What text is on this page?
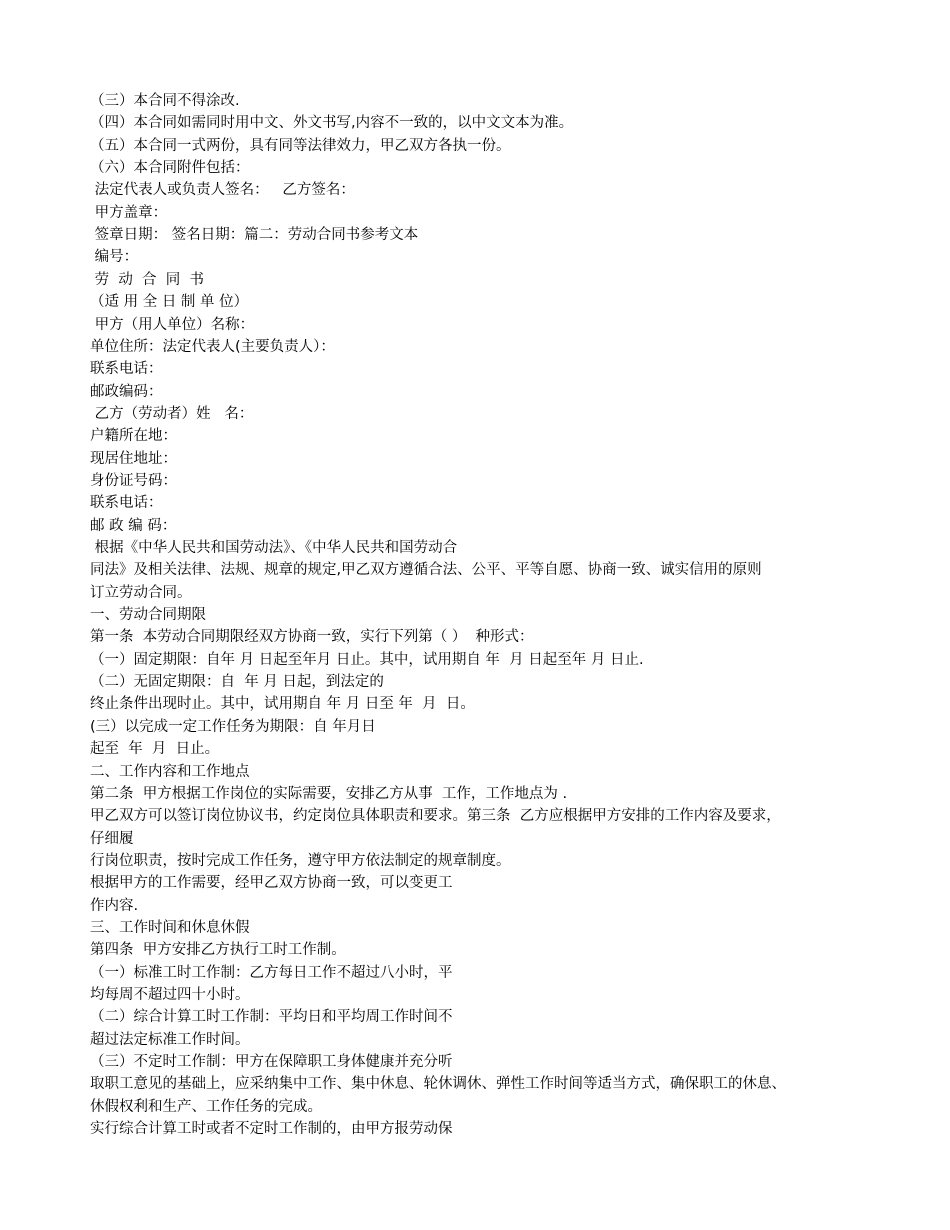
（三）本合同不得涂改.
（四）本合同如需同时用中文、外文书写,内容不一致的，以中文文本为准。
（五）本合同一式两份，具有同等法律效力，甲乙双方各执一份。
（六）本合同附件包括：
法定代表人或负责人签名：   乙方签名：
甲方盖章：
签章日期： 签名日期：篇二：劳动合同书参考文本
编号：
劳  动  合  同  书
（适 用 全 日 制 单 位）
甲方（用人单位）名称：
单位住所：法定代表人(主要负责人）：
联系电话：
邮政编码：
乙方（劳动者）姓   名：
户籍所在地：
现居住地址：
身份证号码：
联系电话：
邮 政 编 码：
根据《中华人民共和国劳动法》、《中华人民共和国劳动合
同法》及相关法律、法规、规章的规定,甲乙双方遵循合法、公平、平等自愿、协商一致、诚实信用的原则
订立劳动合同。
一、劳动合同期限
第一条  本劳动合同期限经双方协商一致，实行下列第（ ）  种形式：
（一）固定期限：自年 月 日起至年月 日止。其中，试用期自 年  月 日起至年 月 日止.
（二）无固定期限：自  年 月 日起，到法定的
终止条件出现时止。其中，试用期自 年 月 日至 年  月  日。
(三）以完成一定工作任务为期限：自 年月日
起至  年  月  日止。
二、工作内容和工作地点
第二条  甲方根据工作岗位的实际需要，安排乙方从事  工作，工作地点为 .
甲乙双方可以签订岗位协议书，约定岗位具体职责和要求。第三条  乙方应根据甲方安排的工作内容及要求，
仔细履
行岗位职责，按时完成工作任务，遵守甲方依法制定的规章制度。
根据甲方的工作需要，经甲乙双方协商一致，可以变更工
作内容.
三、工作时间和休息休假
第四条  甲方安排乙方执行工时工作制。
（一）标准工时工作制：乙方每日工作不超过八小时，平
均每周不超过四十小时。
（二）综合计算工时工作制：平均日和平均周工作时间不
超过法定标准工作时间。
（三）不定时工作制：甲方在保障职工身体健康并充分听
取职工意见的基础上，应采纳集中工作、集中休息、轮休调休、弹性工作时间等适当方式，确保职工的休息、
休假权利和生产、工作任务的完成。
实行综合计算工时或者不定时工作制的，由甲方报劳动保
